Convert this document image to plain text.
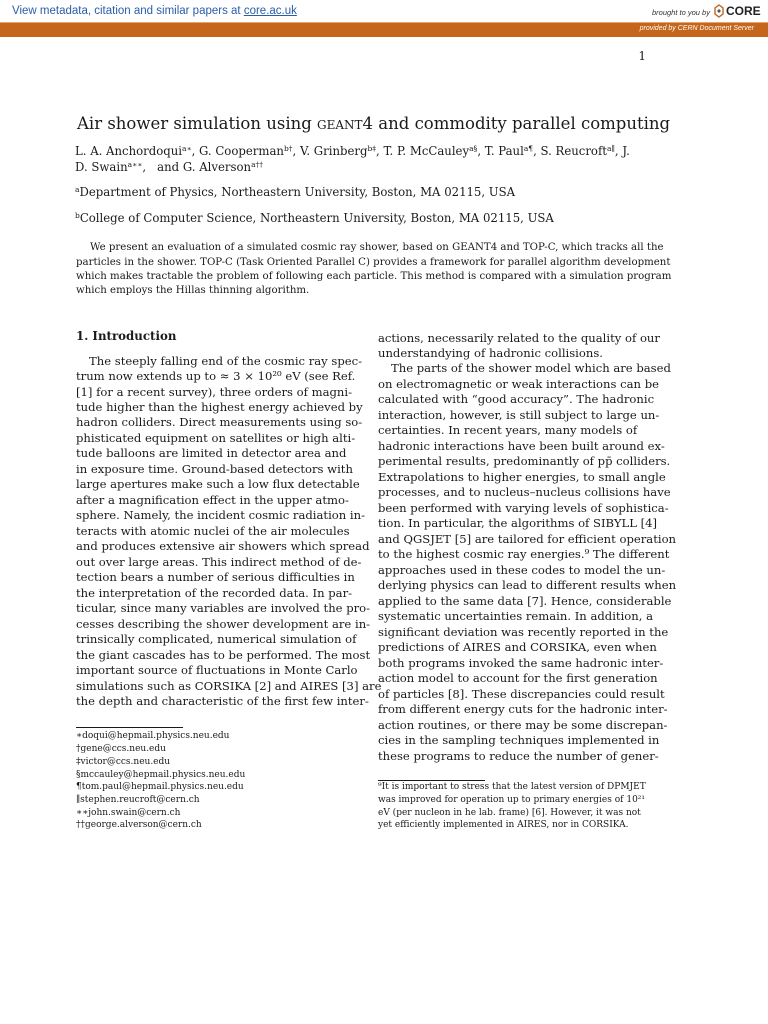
View metadata, citation and similar papers at core.ac.uk	brought to you by CORE
provided by CERN Document Server
1
Air shower simulation using geant4 and commodity parallel computing
L. A. Anchordoqui$^{a∗}$, G. Cooperman$^{b\dagger}$, V. Grinberg$^{b\ddagger}$, T. P. McCauley$^{a\S}$, T. Paul$^{a\P}$, S. Reucroft$^{a\parallel}$, J.
D. Swain$^{a∗∗}$,   and G. Alverson$^{a\dagger\dagger}$
$^a$Department of Physics, Northeastern University, Boston, MA 02115, USA
$^b$College of Computer Science, Northeastern University, Boston, MA 02115, USA
We present an evaluation of a simulated cosmic ray shower, based on GEANT4 and TOP-C, which tracks all the
particles in the shower. TOP-C (Task Oriented Parallel C) provides a framework for parallel algorithm development
which makes tractable the problem of following each particle. This method is compared with a simulation program
which employs the Hillas thinning algorithm.
1. Introduction
The steeply falling end of the cosmic ray spec-
trum now extends up to ≈ 3 × 10²⁰ eV (see Ref.
[1] for a recent survey), three orders of magni-
tude higher than the highest energy achieved by
hadron colliders. Direct measurements using so-
phisticated equipment on satellites or high alti-
tude balloons are limited in detector area and
in exposure time. Ground-based detectors with
large apertures make such a low flux detectable
after a magnification effect in the upper atmo-
sphere. Namely, the incident cosmic radiation in-
teracts with atomic nuclei of the air molecules
and produces extensive air showers which spread
out over large areas. This indirect method of de-
tection bears a number of serious difficulties in
the interpretation of the recorded data. In par-
ticular, since many variables are involved the pro-
cesses describing the shower development are in-
trinsically complicated, numerical simulation of
the giant cascades has to be performed. The most
important source of fluctuations in Monte Carlo
simulations such as CORSIKA [2] and AIRES [3] are
the depth and characteristic of the first few inter-
∗doqui@hepmail.physics.neu.edu
†gene@ccs.neu.edu
‡victor@ccs.neu.edu
§mccauley@hepmail.physics.neu.edu
¶tom.paul@hepmail.physics.neu.edu
∥stephen.reucroft@cern.ch
∗∗john.swain@cern.ch
††george.alverson@cern.ch
actions, necessarily related to the quality of our
understandying of hadronic collisions.
The parts of the shower model which are based
on electromagnetic or weak interactions can be
calculated with “good accuracy”. The hadronic
interaction, however, is still subject to large un-
certainties. In recent years, many models of
hadronic interactions have been built around ex-
perimental results, predominantly of pp̄ colliders.
Extrapolations to higher energies, to small angle
processes, and to nucleus–nucleus collisions have
been performed with varying levels of sophistica-
tion. In particular, the algorithms of SIBYLL [4]
and QGSJET [5] are tailored for efficient operation
to the highest cosmic ray energies.⁹ The different
approaches used in these codes to model the un-
derlying physics can lead to different results when
applied to the same data [7]. Hence, considerable
systematic uncertainties remain. In addition, a
significant deviation was recently reported in the
predictions of AIRES and CORSIKA, even when
both programs invoked the same hadronic inter-
action model to account for the first generation
of particles [8]. These discrepancies could result
from different energy cuts for the hadronic inter-
action routines, or there may be some discrepan-
cies in the sampling techniques implemented in
these programs to reduce the number of gener-
⁹It is important to stress that the latest version of DPMJET
was improved for operation up to primary energies of 10²¹
eV (per nucleon in he lab. frame) [6]. However, it was not
yet efficiently implemented in AIRES, nor in CORSIKA.
